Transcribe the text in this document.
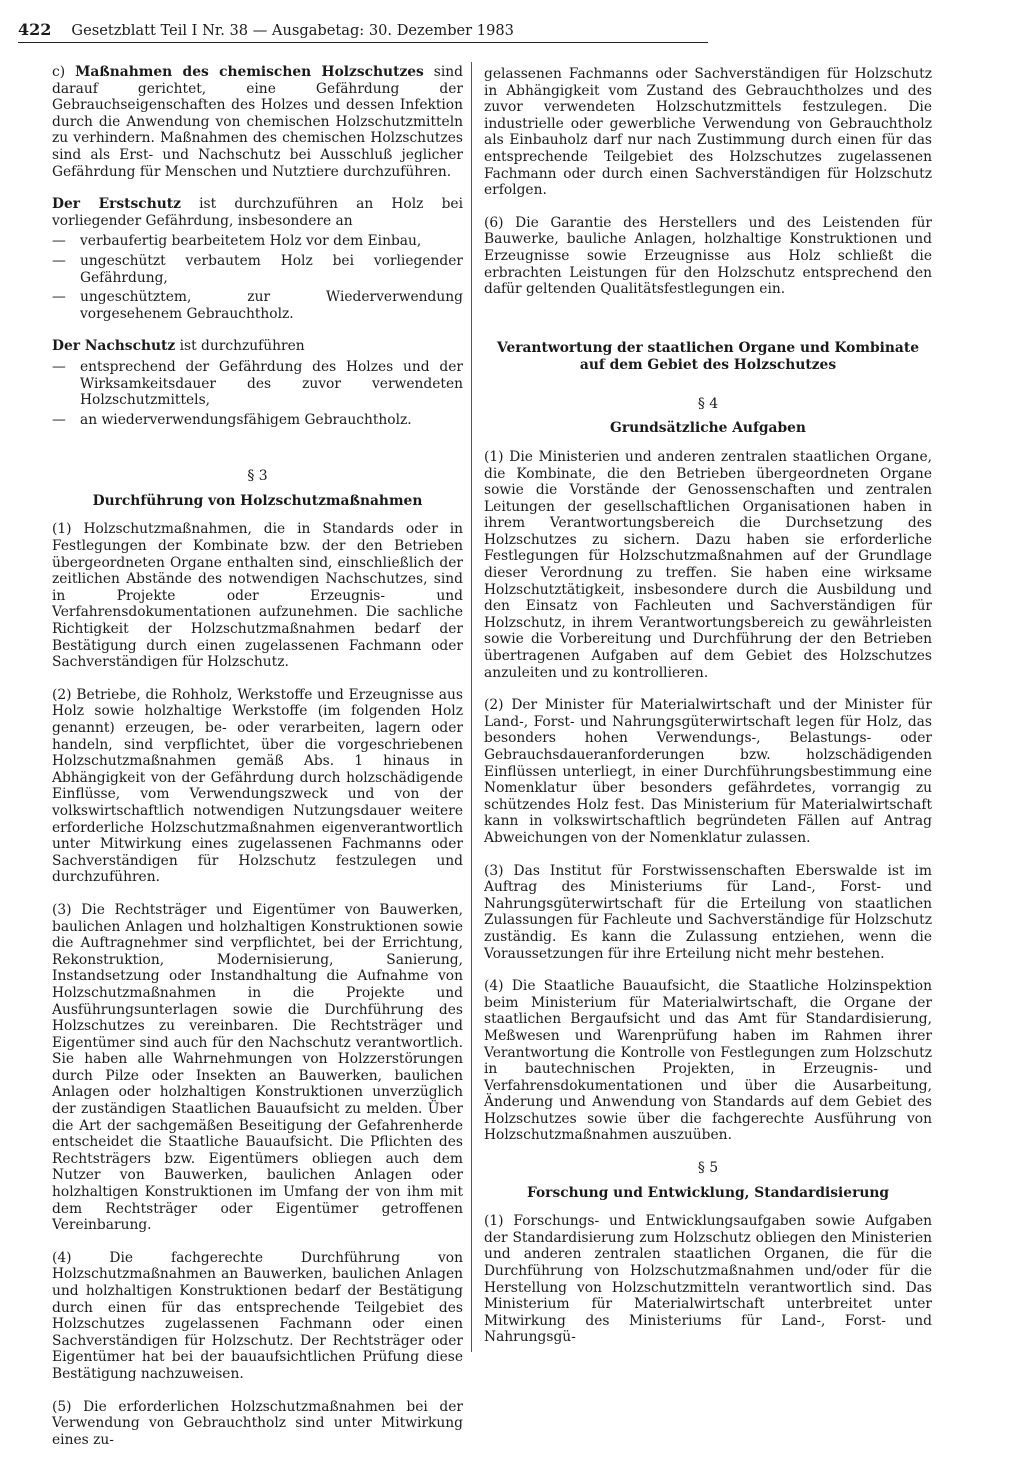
422 Gesetzblatt Teil I Nr. 38 — Ausgabetag: 30. Dezember 1983

c) Maßnahmen des chemischen Holzschutzes sind darauf gerichtet, eine Gefährdung der Gebrauchseigenschaften des Holzes und dessen Infektion durch die Anwendung von chemischen Holzschutzmitteln zu verhindern. Maßnahmen des chemischen Holzschutzes sind als Erst- und Nachschutz bei Ausschluß jeglicher Gefährdung für Menschen und Nutztiere durchzuführen.

Der Erstschutz ist durchzuführen an Holz bei vorliegender Gefährdung, insbesondere an

— verbaufertig bearbeitetem Holz vor dem Einbau,
— ungeschützt verbautem Holz bei vorliegender Gefährdung,
— ungeschütztem, zur Wiederverwendung vorgesehenem Gebrauchtholz.

Der Nachschutz ist durchzuführen

— entsprechend der Gefährdung des Holzes und der Wirksamkeitsdauer des zuvor verwendeten Holzschutzmittels,
— an wiederverwendungsfähigem Gebrauchtholz.
§ 3
Durchführung von Holzschutzmaßnahmen

(1) Holzschutzmaßnahmen, die in Standards oder in Festlegungen der Kombinate bzw. der den Betrieben übergeordneten Organe enthalten sind, einschließlich der zeitlichen Abstände des notwendigen Nachschutzes, sind in Projekte oder Erzeugnis- und Verfahrensdokumentationen aufzunehmen. Die sachliche Richtigkeit der Holzschutzmaßnahmen bedarf der Bestätigung durch einen zugelassenen Fachmann oder Sachverständigen für Holzschutz.

(2) Betriebe, die Rohholz, Werkstoffe und Erzeugnisse aus Holz sowie holzhaltige Werkstoffe (im folgenden Holz genannt) erzeugen, be- oder verarbeiten, lagern oder handeln, sind verpflichtet, über die vorgeschriebenen Holzschutzmaßnahmen gemäß Abs. 1 hinaus in Abhängigkeit von der Gefährdung durch holzschädigende Einflüsse, vom Verwendungszweck und von der volkswirtschaftlich notwendigen Nutzungsdauer weitere erforderliche Holzschutzmaßnahmen eigenverantwortlich unter Mitwirkung eines zugelassenen Fachmanns oder Sachverständigen für Holzschutz festzulegen und durchzuführen.

(3) Die Rechtsträger und Eigentümer von Bauwerken, baulichen Anlagen und holzhaltigen Konstruktionen sowie die Auftragnehmer sind verpflichtet, bei der Errichtung, Rekonstruktion, Modernisierung, Sanierung, Instandsetzung oder Instandhaltung die Aufnahme von Holzschutzmaßnahmen in die Projekte und Ausführungsunterlagen sowie die Durchführung des Holzschutzes zu vereinbaren. Die Rechtsträger und Eigentümer sind auch für den Nachschutz verantwortlich. Sie haben alle Wahrnehmungen von Holzzerstörungen durch Pilze oder Insekten an Bauwerken, baulichen Anlagen oder holzhaltigen Konstruktionen unverzüglich der zuständigen Staatlichen Bauaufsicht zu melden. Über die Art der sachgemäßen Beseitigung der Gefahrenherde entscheidet die Staatliche Bauaufsicht. Die Pflichten des Rechtsträgers bzw. Eigentümers obliegen auch dem Nutzer von Bauwerken, baulichen Anlagen oder holzhaltigen Konstruktionen im Umfang der von ihm mit dem Rechtsträger oder Eigentümer getroffenen Vereinbarung.

(4) Die fachgerechte Durchführung von Holzschutzmaßnahmen an Bauwerken, baulichen Anlagen und holzhaltigen Konstruktionen bedarf der Bestätigung durch einen für das entsprechende Teilgebiet des Holzschutzes zugelassenen Fachmann oder einen Sachverständigen für Holzschutz. Der Rechtsträger oder Eigentümer hat bei der bauaufsichtlichen Prüfung diese Bestätigung nachzuweisen.

(5) Die erforderlichen Holzschutzmaßnahmen bei der Verwendung von Gebrauchtholz sind unter Mitwirkung eines zu-

gelassenen Fachmanns oder Sachverständigen für Holzschutz in Abhängigkeit vom Zustand des Gebrauchtholzes und des zuvor verwendeten Holzschutzmittels festzulegen. Die industrielle oder gewerbliche Verwendung von Gebrauchtholz als Einbauholz darf nur nach Zustimmung durch einen für das entsprechende Teilgebiet des Holzschutzes zugelassenen Fachmann oder durch einen Sachverständigen für Holzschutz erfolgen.

(6) Die Garantie des Herstellers und des Leistenden für Bauwerke, bauliche Anlagen, holzhaltige Konstruktionen und Erzeugnisse sowie Erzeugnisse aus Holz schließt die erbrachten Leistungen für den Holzschutz entsprechend den dafür geltenden Qualitätsfestlegungen ein.

Verantwortung der staatlichen Organe und Kombinate
auf dem Gebiet des Holzschutzes
§ 4
Grundsätzliche Aufgaben

(1) Die Ministerien und anderen zentralen staatlichen Organe, die Kombinate, die den Betrieben übergeordneten Organe sowie die Vorstände der Genossenschaften und zentralen Leitungen der gesellschaftlichen Organisationen haben in ihrem Verantwortungsbereich die Durchsetzung des Holzschutzes zu sichern. Dazu haben sie erforderliche Festlegungen für Holzschutzmaßnahmen auf der Grundlage dieser Verordnung zu treffen. Sie haben eine wirksame Holzschutztätigkeit, insbesondere durch die Ausbildung und den Einsatz von Fachleuten und Sachverständigen für Holzschutz, in ihrem Verantwortungsbereich zu gewährleisten sowie die Vorbereitung und Durchführung der den Betrieben übertragenen Aufgaben auf dem Gebiet des Holzschutzes anzuleiten und zu kontrollieren.

(2) Der Minister für Materialwirtschaft und der Minister für Land-, Forst- und Nahrungsgüterwirtschaft legen für Holz, das besonders hohen Verwendungs-, Belastungs- oder Gebrauchsdaueranforderungen bzw. holzschädigenden Einflüssen unterliegt, in einer Durchführungsbestimmung eine Nomenklatur über besonders gefährdetes, vorrangig zu schützendes Holz fest. Das Ministerium für Materialwirtschaft kann in volkswirtschaftlich begründeten Fällen auf Antrag Abweichungen von der Nomenklatur zulassen.

(3) Das Institut für Forstwissenschaften Eberswalde ist im Auftrag des Ministeriums für Land-, Forst- und Nahrungsgüterwirtschaft für die Erteilung von staatlichen Zulassungen für Fachleute und Sachverständige für Holzschutz zuständig. Es kann die Zulassung entziehen, wenn die Voraussetzungen für ihre Erteilung nicht mehr bestehen.

(4) Die Staatliche Bauaufsicht, die Staatliche Holzinspektion beim Ministerium für Materialwirtschaft, die Organe der staatlichen Bergaufsicht und das Amt für Standardisierung, Meßwesen und Warenprüfung haben im Rahmen ihrer Verantwortung die Kontrolle von Festlegungen zum Holzschutz in bautechnischen Projekten, in Erzeugnis- und Verfahrensdokumentationen und über die Ausarbeitung, Änderung und Anwendung von Standards auf dem Gebiet des Holzschutzes sowie über die fachgerechte Ausführung von Holzschutzmaßnahmen auszuüben.

§ 5
Forschung und Entwicklung, Standardisierung

(1) Forschungs- und Entwicklungsaufgaben sowie Aufgaben der Standardisierung zum Holzschutz obliegen den Ministerien und anderen zentralen staatlichen Organen, die für die Durchführung von Holzschutzmaßnahmen und/oder für die Herstellung von Holzschutzmitteln verantwortlich sind. Das Ministerium für Materialwirtschaft unterbreitet unter Mitwirkung des Ministeriums für Land-, Forst- und Nahrungsgü-
